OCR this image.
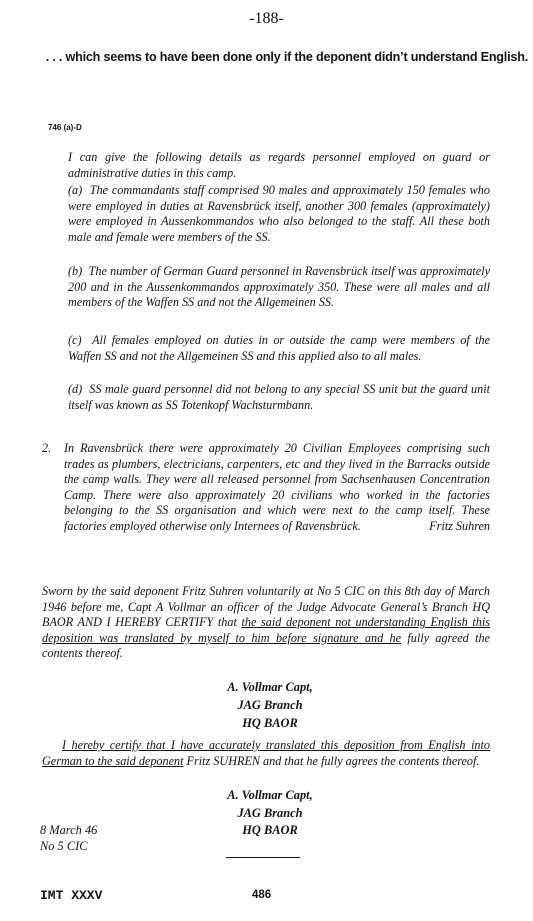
-188-
. . . which seems to have been done only if the deponent didn’t understand English.
746 (a)-D

I can give the following details as regards personnel employed on guard or administrative duties in this camp.

(a) The commandants staff comprised 90 males and approximately 150 females who were employed in duties at Ravensbrück itself, another 300 females (approximately) were employed in Aussenkommandos who also belonged to the staff. All these both male and female were members of the SS.

(b) The number of German Guard personnel in Ravensbrück itself was approximately 200 and in the Aussenkommandos approximately 350. These were all males and all members of the Waffen SS and not the Allgemeinen SS.

(c) All females employed on duties in or outside the camp were members of the Waffen SS and not the Allgemeinen SS and this applied also to all males.

(d) SS male guard personnel did not belong to any special SS unit but the guard unit itself was known as SS Totenkopf Wachsturmbann.

2. In Ravensbrück there were approximately 20 Civilian Employees comprising such trades as plumbers, electricians, carpenters, etc and they lived in the Barracks outside the camp walls. They were all released personnel from Sachsenhausen Concentration Camp. There were also approximately 20 civilians who worked in the factories belonging to the SS organisation and which were next to the camp itself. These factories employed otherwise only Internees of Ravensbrück.	Fritz Suhren

Sworn by the said deponent Fritz Suhren voluntarily at No 5 CIC on this 8th day of March 1946 before me, Capt A Vollmar an officer of the Judge Advocate General’s Branch HQ BAOR AND I HEREBY CERTIFY that the said deponent not understanding English this deposition was translated by myself to him before signature and he fully agreed the contents thereof.

A. Vollmar Capt,
JAG Branch
HQ BAOR

I hereby certify that I have accurately translated this deposition from English into German to the said deponent Fritz SUHREN and that he fully agrees the contents thereof.

A. Vollmar Capt,
JAG Branch
HQ BAOR
8 March 46
No 5 CIC
IMT XXXV	486
